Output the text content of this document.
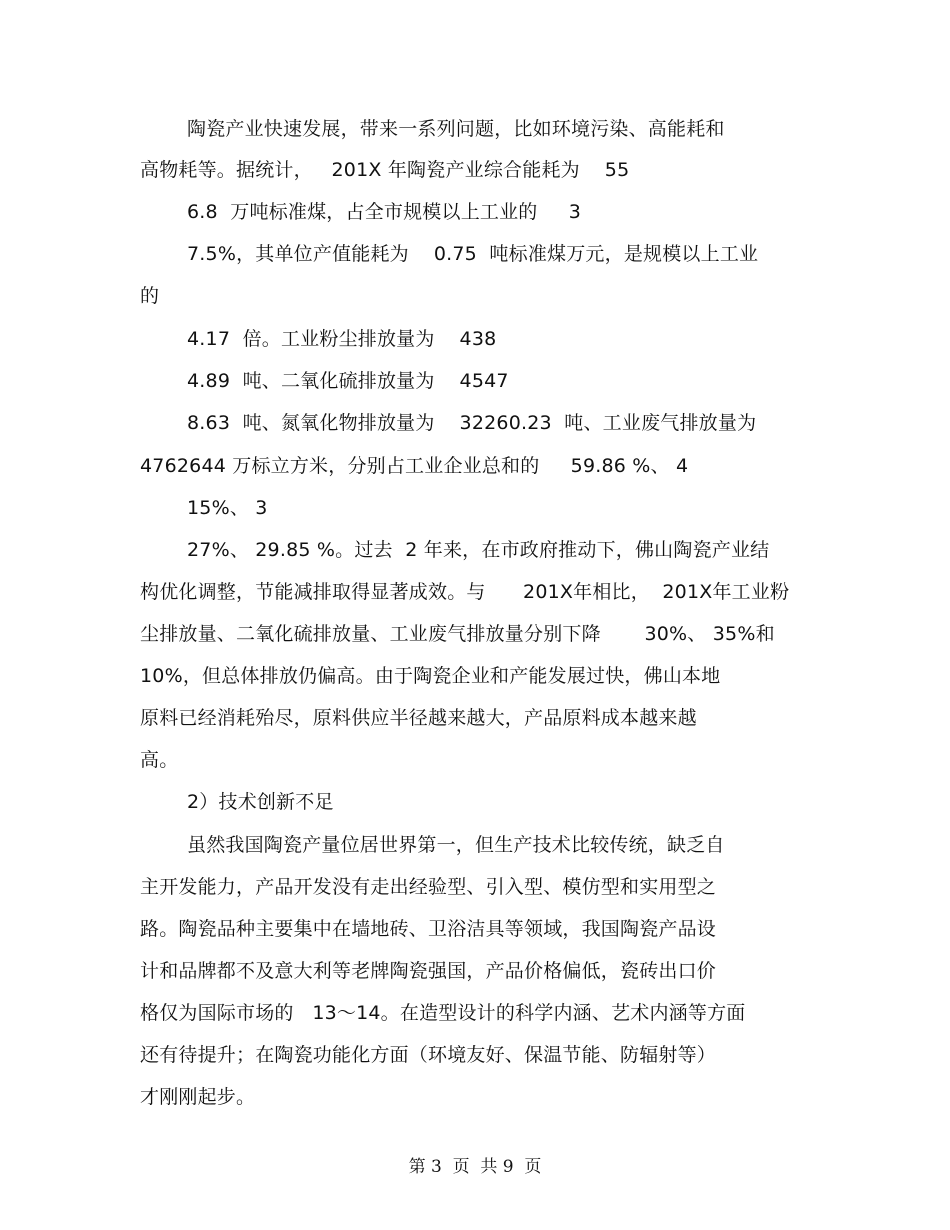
陶瓷产业快速发展，带来一系列问题，比如环境污染、高能耗和
高物耗等。据统计，   201X 年陶瓷产业综合能耗为    55
6.8  万吨标准煤，占全市规模以上工业的     3
7.5%，其单位产值能耗为    0.75  吨标准煤万元，是规模以上工业
的
4.17  倍。工业粉尘排放量为    438
4.89  吨、二氧化硫排放量为    4547
8.63  吨、氮氧化物排放量为    32260.23  吨、工业废气排放量为
4762644 万标立方米，分别占工业企业总和的     59.86 %、 4
15%、 3
27%、 29.85 %。过去  2 年来，在市政府推动下，佛山陶瓷产业结
构优化调整，节能减排取得显著成效。与      201X年相比，  201X年工业粉
尘排放量、二氧化硫排放量、工业废气排放量分别下降       30%、 35%和
10%，但总体排放仍偏高。由于陶瓷企业和产能发展过快，佛山本地
原料已经消耗殆尽，原料供应半径越来越大，产品原料成本越来越
高。
2）技术创新不足
虽然我国陶瓷产量位居世界第一，但生产技术比较传统，缺乏自
主开发能力，产品开发没有走出经验型、引入型、模仿型和实用型之
路。陶瓷品种主要集中在墙地砖、卫浴洁具等领域，我国陶瓷产品设
计和品牌都不及意大利等老牌陶瓷强国，产品价格偏低，瓷砖出口价
格仅为国际市场的   13～14。在造型设计的科学内涵、艺术内涵等方面
还有待提升；在陶瓷功能化方面（环境友好、保温节能、防辐射等）
才刚刚起步。
第 3  页  共 9  页
